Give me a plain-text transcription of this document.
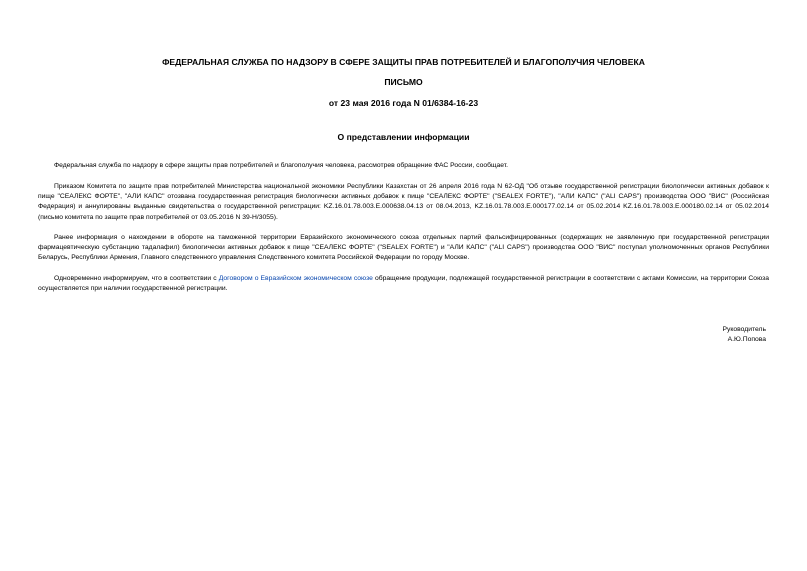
ФЕДЕРАЛЬНАЯ СЛУЖБА ПО НАДЗОРУ В СФЕРЕ ЗАЩИТЫ ПРАВ ПОТРЕБИТЕЛЕЙ И БЛАГОПОЛУЧИЯ ЧЕЛОВЕКА
ПИСЬМО
от 23 мая 2016 года N 01/6384-16-23
О представлении информации

Федеральная служба по надзору в сфере защиты прав потребителей и благополучия человека, рассмотрев обращение ФАС России, сообщает.

Приказом Комитета по защите прав потребителей Министерства национальной экономики Республики Казахстан от 26 апреля 2016 года N 62-ОД "Об отзыве государственной регистрации биологически активных добавок к пище "СЕАЛЕКС ФОРТЕ", "АЛИ КАПС" отозвана государственная регистрация биологически активных добавок к пище "СЕАЛЕКС ФОРТЕ" ("SEALEX FORTE"), "АЛИ КАПС" ("ALI CAPS") производства ООО "ВИС" (Российская Федерация) и аннулированы выданные свидетельства о государственной регистрации: KZ.16.01.78.003.Е.000638.04.13 от 08.04.2013, KZ.16.01.78.003.Е.000177.02.14 от 05.02.2014 KZ.16.01.78.003.Е.000180.02.14 от 05.02.2014 (письмо комитета по защите прав потребителей от 03.05.2016 N 39-Н/3055).

Ранее информация о нахождении в обороте на таможенной территории Евразийского экономического союза отдельных партий фальсифицированных (содержащих не заявленную при государственной регистрации фармацевтическую субстанцию тадалафил) биологически активных добавок к пище "СЕАЛЕКС ФОРТЕ" ("SEALEX FORTE") и "АЛИ КАПС" ("ALI CAPS") производства ООО "ВИС" поступал уполномоченных органов Республики Беларусь, Республики Армения, Главного следственного управления Следственного комитета Российской Федерации по городу Москве.

Одновременно информируем, что в соответствии с Договором о Евразийском экономическом союзе обращение продукции, подлежащей государственной регистрации в соответствии с актами Комиссии, на территории Союза осуществляется при наличии государственной регистрации.

Руководитель
А.Ю.Попова
